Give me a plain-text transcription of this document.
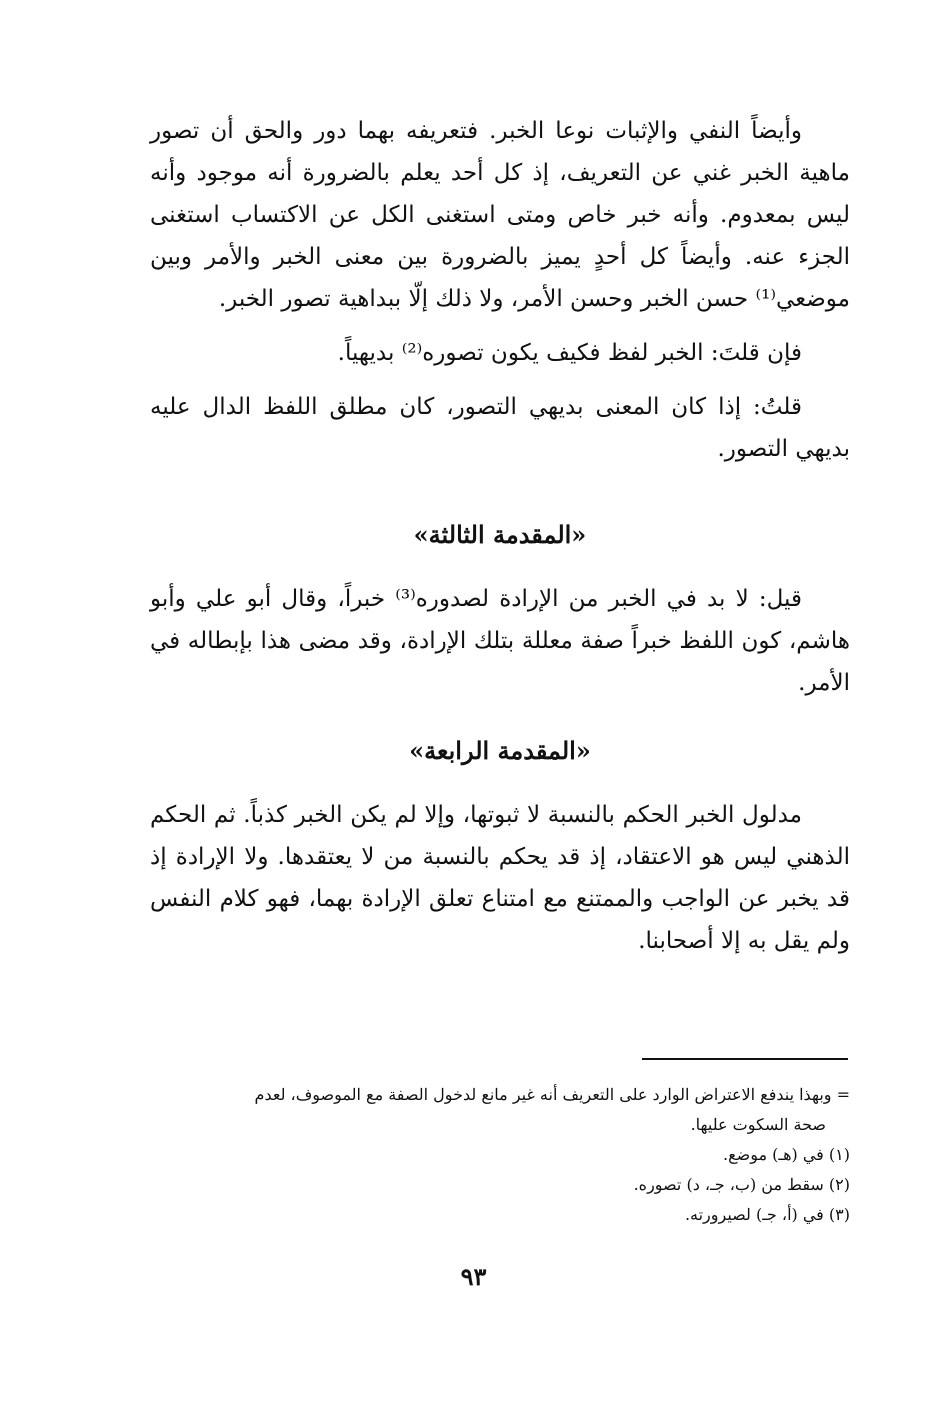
وأيضاً النفي والإثبات نوعا الخبر. فتعريفه بهما دور والحق أن تصور ماهية الخبر غني عن التعريف، إذ كل أحد يعلم بالضرورة أنه موجود وأنه ليس بمعدوم. وأنه خبر خاص ومتى استغنى الكل عن الاكتساب استغنى الجزء عنه. وأيضاً كل أحدٍ يميز بالضرورة بين معنى الخبر والأمر وبين موضعي⁽¹⁾ حسن الخبر وحسن الأمر، ولا ذلك إلّا ببداهية تصور الخبر.

فإن قلتَ: الخبر لفظ فكيف يكون تصوره⁽²⁾ بديهياً.

قلتُ: إذا كان المعنى بديهي التصور، كان مطلق اللفظ الدال عليه بديهي التصور.

«المقدمة الثالثة»

قيل: لا بد في الخبر من الإرادة لصدوره⁽³⁾ خبراً، وقال أبو علي وأبو هاشم، كون اللفظ خبراً صفة معللة بتلك الإرادة، وقد مضى هذا بإبطاله في الأمر.

«المقدمة الرابعة»

مدلول الخبر الحكم بالنسبة لا ثبوتها، وإلا لم يكن الخبر كذباً. ثم الحكم الذهني ليس هو الاعتقاد، إذ قد يحكم بالنسبة من لا يعتقدها. ولا الإرادة إذ قد يخبر عن الواجب والممتنع مع امتناع تعلق الإرادة بهما، فهو كلام النفس ولم يقل به إلا أصحابنا.

= وبهذا يندفع الاعتراض الوارد على التعريف أنه غير مانع لدخول الصفة مع الموصوف، لعدم

صحة السكوت عليها.

(١) في (هـ) موضع.

(٢) سقط من (ب، جـ، د) تصوره.

(٣) في (أ، جـ) لصيرورته.

٩٣
